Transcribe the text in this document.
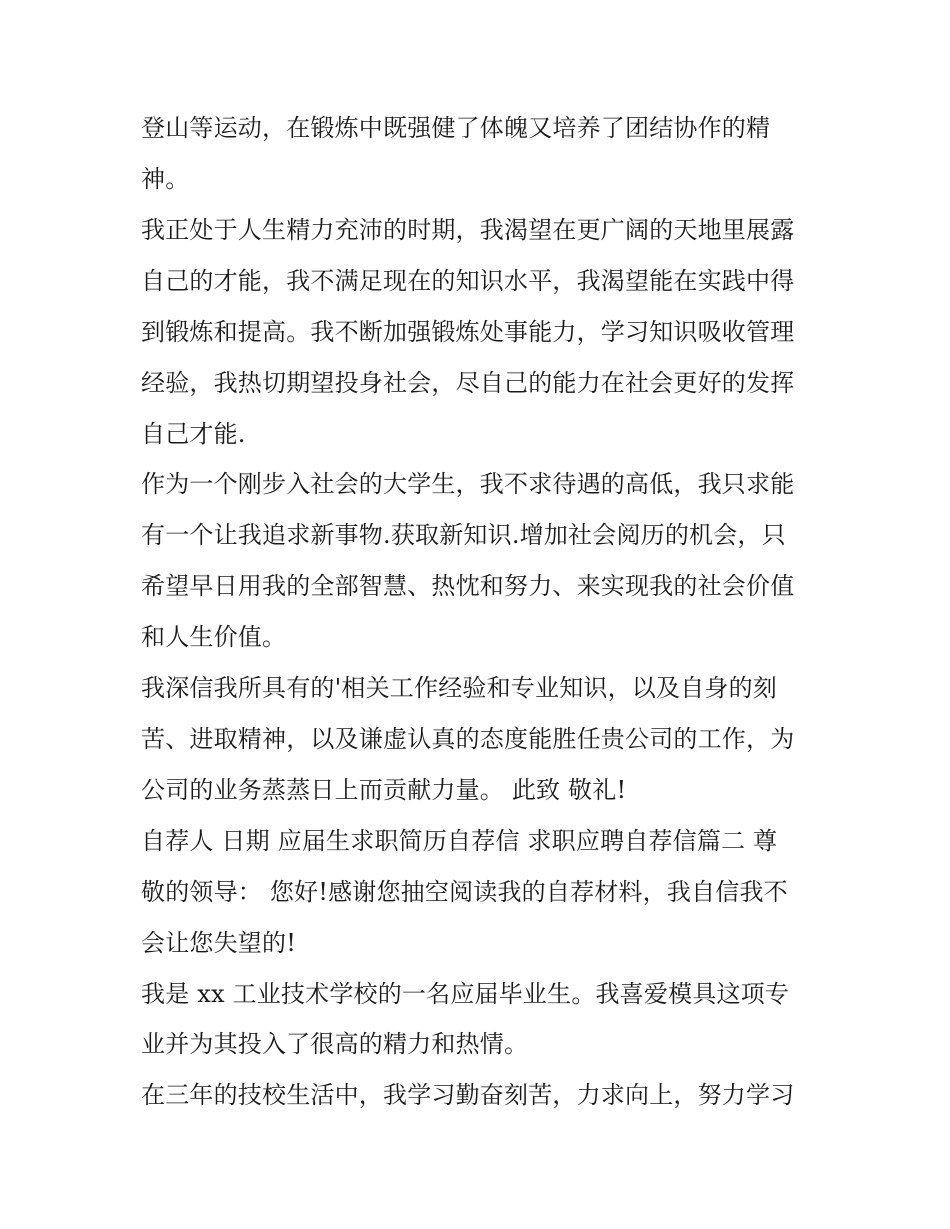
登山等运动，在锻炼中既强健了体魄又培养了团结协作的精
神。
我正处于人生精力充沛的时期，我渴望在更广阔的天地里展露
自己的才能，我不满足现在的知识水平，我渴望能在实践中得
到锻炼和提高。我不断加强锻炼处事能力，学习知识吸收管理
经验，我热切期望投身社会，尽自己的能力在社会更好的发挥
自己才能.
作为一个刚步入社会的大学生，我不求待遇的高低，我只求能
有一个让我追求新事物.获取新知识.增加社会阅历的机会，只
希望早日用我的全部智慧、热忱和努力、来实现我的社会价值
和人生价值。
我深信我所具有的'相关工作经验和专业知识，以及自身的刻
苦、进取精神，以及谦虚认真的态度能胜任贵公司的工作，为
公司的业务蒸蒸日上而贡献力量。 此致 敬礼!
自荐人 日期 应届生求职简历自荐信 求职应聘自荐信篇二 尊
敬的领导： 您好!感谢您抽空阅读我的自荐材料，我自信我不
会让您失望的!
我是 xx 工业技术学校的一名应届毕业生。我喜爱模具这项专
业并为其投入了很高的精力和热情。
在三年的技校生活中，我学习勤奋刻苦，力求向上，努力学习
